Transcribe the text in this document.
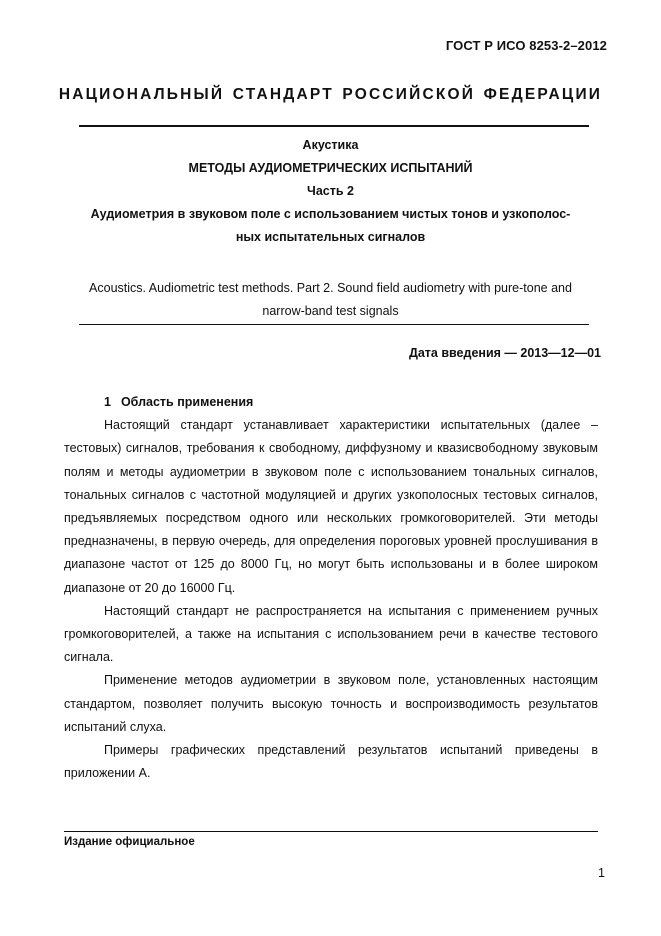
ГОСТ Р ИСО 8253-2–2012
НАЦИОНАЛЬНЫЙ СТАНДАРТ РОССИЙСКОЙ ФЕДЕРАЦИИ
Акустика
МЕТОДЫ АУДИОМЕТРИЧЕСКИХ ИСПЫТАНИЙ
Часть 2
Аудиометрия в звуковом поле с использованием чистых тонов и узкополос-
ных испытательных сигналов
Acoustics. Audiometric test methods. Part 2. Sound field audiometry with pure-tone and
narrow-band test signals
Дата введения — 2013—12—01

1 Область применения

Настоящий стандарт устанавливает характеристики испытательных (далее – тестовых) сигналов, требования к свободному, диффузному и квазисвободному звуковым полям и методы аудиометрии в звуковом поле с использованием тональных сигналов, тональных сигналов с частотной модуляцией и других узкополосных тестовых сигналов, предъявляемых посредством одного или нескольких громкоговорителей. Эти методы предназначены, в первую очередь, для определения пороговых уровней прослушивания в диапазоне частот от 125 до 8000 Гц, но могут быть использованы и в более широком диапазоне от 20 до 16000 Гц.

Настоящий стандарт не распространяется на испытания с применением ручных громкоговорителей, а также на испытания с использованием речи в качестве тестового сигнала.

Применение методов аудиометрии в звуковом поле, установленных настоящим стандартом, позволяет получить высокую точность и воспроизводимость результатов испытаний слуха.

Примеры графических представлений результатов испытаний приведены в приложении А.

Издание официальное
1
